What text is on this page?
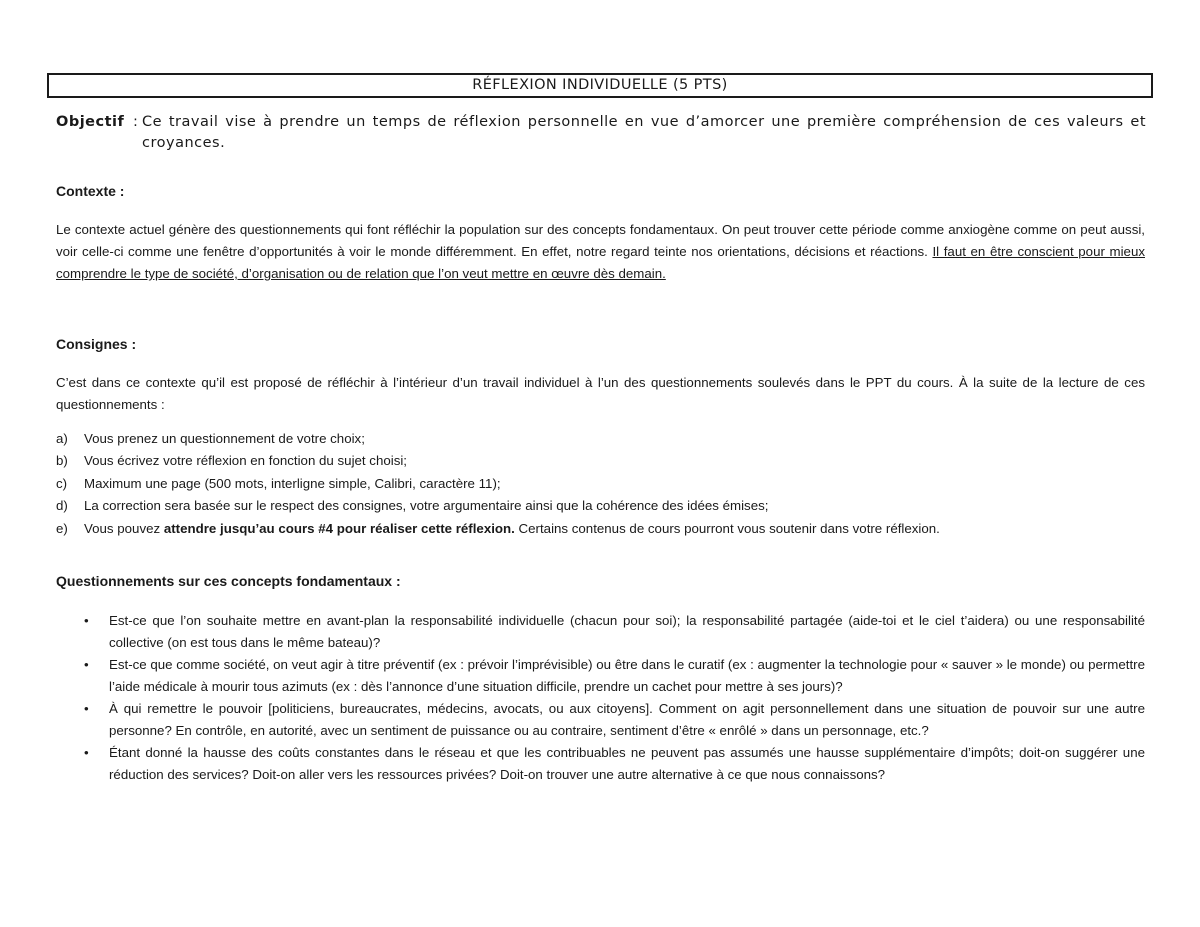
RÉFLEXION INDIVIDUELLE (5 PTS)
Objectif : Ce travail vise à prendre un temps de réflexion personnelle en vue d’amorcer une première compréhension de ces valeurs et croyances.
Contexte :
Le contexte actuel génère des questionnements qui font réfléchir la population sur des concepts fondamentaux. On peut trouver cette période comme anxiogène comme on peut aussi, voir celle-ci comme une fenêtre d’opportunités à voir le monde différemment. En effet, notre regard teinte nos orientations, décisions et réactions. Il faut en être conscient pour mieux comprendre le type de société, d’organisation ou de relation que l’on veut mettre en œuvre dès demain.
Consignes :
C’est dans ce contexte qu’il est proposé de réfléchir à l’intérieur d’un travail individuel à l’un des questionnements soulevés dans le PPT du cours. À la suite de la lecture de ces questionnements :
a) Vous prenez un questionnement de votre choix;
b) Vous écrivez votre réflexion en fonction du sujet choisi;
c) Maximum une page (500 mots, interligne simple, Calibri, caractère 11);
d) La correction sera basée sur le respect des consignes, votre argumentaire ainsi que la cohérence des idées émises;
e) Vous pouvez attendre jusqu’au cours #4 pour réaliser cette réflexion. Certains contenus de cours pourront vous soutenir dans votre réflexion.
Questionnements sur ces concepts fondamentaux :
• Est-ce que l’on souhaite mettre en avant-plan la responsabilité individuelle (chacun pour soi); la responsabilité partagée (aide-toi et le ciel t’aidera) ou une responsabilité collective (on est tous dans le même bateau)?
• Est-ce que comme société, on veut agir à titre préventif (ex : prévoir l’imprévisible) ou être dans le curatif (ex : augmenter la technologie pour « sauver » le monde) ou permettre l’aide médicale à mourir tous azimuts (ex : dès l’annonce d’une situation difficile, prendre un cachet pour mettre à ses jours)?
• À qui remettre le pouvoir [politiciens, bureaucrates, médecins, avocats, ou aux citoyens]. Comment on agit personnellement dans une situation de pouvoir sur une autre personne? En contrôle, en autorité, avec un sentiment de puissance ou au contraire, sentiment d’être « enrôlé » dans un personnage, etc.?
• Étant donné la hausse des coûts constantes dans le réseau et que les contribuables ne peuvent pas assumés une hausse supplémentaire d’impôts; doit-on suggérer une réduction des services? Doit-on aller vers les ressources privées? Doit-on trouver une autre alternative à ce que nous connaissons?
